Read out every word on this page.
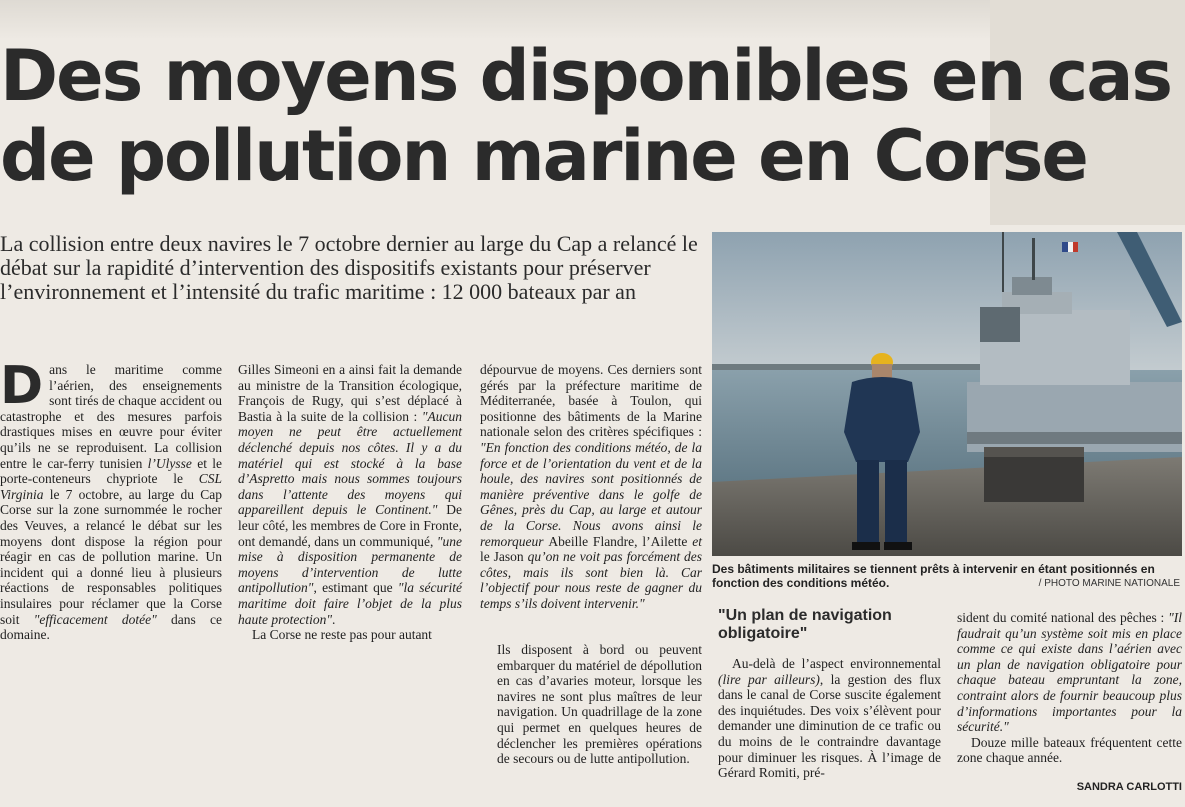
Des moyens disponibles en cas
de pollution marine en Corse
La collision entre deux navires le 7 octobre dernier au large du Cap a relancé le débat sur la rapidité d’intervention des dispositifs existants pour préserver l’environnement et l’intensité du trafic maritime : 12 000 bateaux par an

Dans le maritime comme l’aérien, des enseignements sont tirés de chaque accident ou catastrophe et des mesures parfois drastiques mises en œuvre pour éviter qu’ils ne se reproduisent. La collision entre le car-ferry tunisien l’Ulysse et le porte-conteneurs chypriote le CSL Virginia le 7 octobre, au large du Cap Corse sur la zone surnommée le rocher des Veuves, a relancé le débat sur les moyens dont dispose la région pour réagir en cas de pollution marine. Un incident qui a donné lieu à plusieurs réactions de responsables politiques insulaires pour réclamer que la Corse soit "efficacement dotée" dans ce domaine.

Gilles Simeoni en a ainsi fait la demande au ministre de la Transition écologique, François de Rugy, qui s’est déplacé à Bastia à la suite de la collision : "Aucun moyen ne peut être actuellement déclenché depuis nos côtes. Il y a du matériel qui est stocké à la base d’Aspretto mais nous sommes toujours dans l’attente des moyens qui appareillent depuis le Continent." De leur côté, les membres de Core in Fronte, ont demandé, dans un communiqué, "une mise à disposition permanente de moyens d’intervention de lutte antipollution", estimant que "la sécurité maritime doit faire l’objet de la plus haute protection".

La Corse ne reste pas pour autant

dépourvue de moyens. Ces derniers sont gérés par la préfecture maritime de Méditerranée, basée à Toulon, qui positionne des bâtiments de la Marine nationale selon des critères spécifiques : "En fonction des conditions météo, de la force et de l’orientation du vent et de la houle, des navires sont positionnés de manière préventive dans le golfe de Gênes, près du Cap, au large et autour de la Corse. Nous avons ainsi le remorqueur Abeille Flandre, l’Ailette et le Jason qu’on ne voit pas forcément des côtes, mais ils sont bien là. Car l’objectif pour nous reste de gagner du temps s’ils doivent intervenir."

Ils disposent à bord ou peuvent embarquer du matériel de dépollution en cas d’avaries moteur, lorsque les navires ne sont plus maîtres de leur navigation. Un quadrillage de la zone qui permet en quelques heures de déclencher les premières opérations de secours ou de lutte antipollution.

Des bâtiments militaires se tiennent prêts à intervenir en étant positionnés en fonction des conditions météo.	/ PHOTO MARINE NATIONALE
"Un plan de navigation obligatoire"

Au-delà de l’aspect environnemental (lire par ailleurs), la gestion des flux dans le canal de Corse suscite également des inquiétudes. Des voix s’élèvent pour demander une diminution de ce trafic ou du moins de le contraindre davantage pour diminuer les risques. À l’image de Gérard Romiti, pré-

sident du comité national des pêches : "Il faudrait qu’un système soit mis en place comme ce qui existe dans l’aérien avec un plan de navigation obligatoire pour chaque bateau empruntant la zone, contraint alors de fournir beaucoup plus d’informations importantes pour la sécurité."

Douze mille bateaux fréquentent cette zone chaque année.

SANDRA CARLOTTI
